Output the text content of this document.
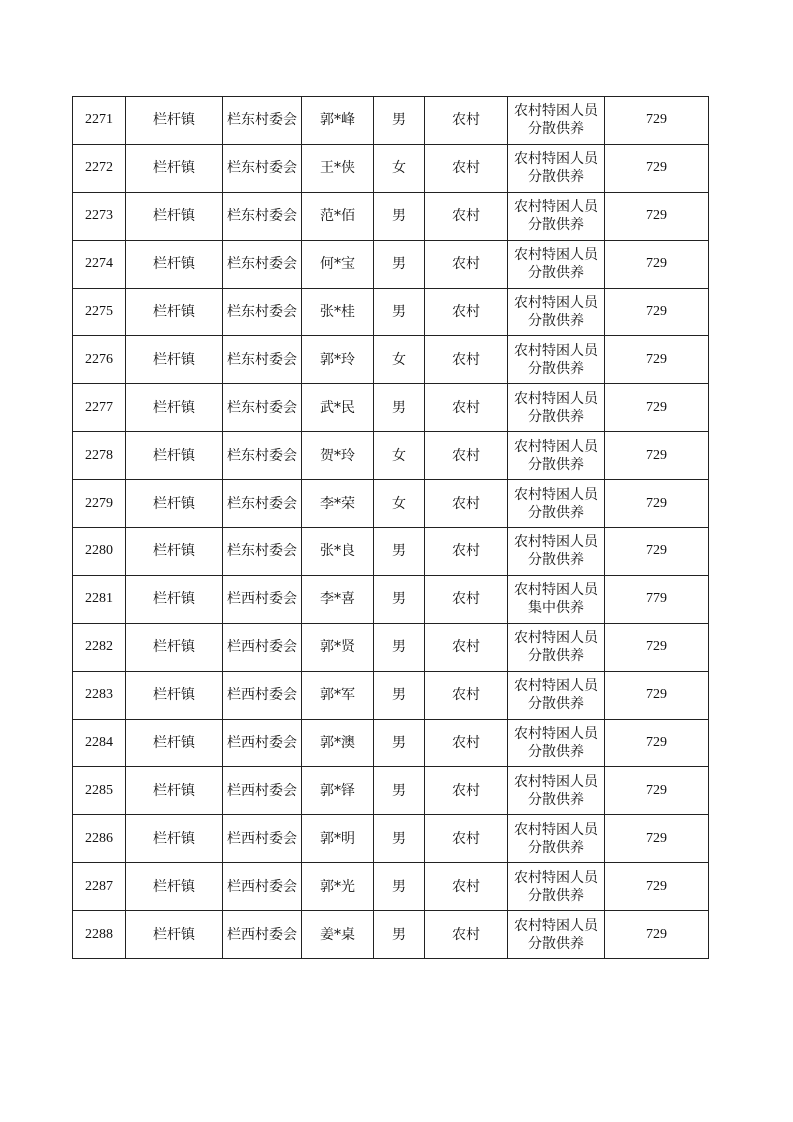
2271	栏杆镇	栏东村委会	郭*峰	男	农村	农村特困人员分散供养	729
2272	栏杆镇	栏东村委会	王*侠	女	农村	农村特困人员分散供养	729
2273	栏杆镇	栏东村委会	范*佰	男	农村	农村特困人员分散供养	729
2274	栏杆镇	栏东村委会	何*宝	男	农村	农村特困人员分散供养	729
2275	栏杆镇	栏东村委会	张*桂	男	农村	农村特困人员分散供养	729
2276	栏杆镇	栏东村委会	郭*玲	女	农村	农村特困人员分散供养	729
2277	栏杆镇	栏东村委会	武*民	男	农村	农村特困人员分散供养	729
2278	栏杆镇	栏东村委会	贺*玲	女	农村	农村特困人员分散供养	729
2279	栏杆镇	栏东村委会	李*荣	女	农村	农村特困人员分散供养	729
2280	栏杆镇	栏东村委会	张*良	男	农村	农村特困人员分散供养	729
2281	栏杆镇	栏西村委会	李*喜	男	农村	农村特困人员集中供养	779
2282	栏杆镇	栏西村委会	郭*贤	男	农村	农村特困人员分散供养	729
2283	栏杆镇	栏西村委会	郭*军	男	农村	农村特困人员分散供养	729
2284	栏杆镇	栏西村委会	郭*澳	男	农村	农村特困人员分散供养	729
2285	栏杆镇	栏西村委会	郭*铎	男	农村	农村特困人员分散供养	729
2286	栏杆镇	栏西村委会	郭*明	男	农村	农村特困人员分散供养	729
2287	栏杆镇	栏西村委会	郭*光	男	农村	农村特困人员分散供养	729
2288	栏杆镇	栏西村委会	姜*桌	男	农村	农村特困人员分散供养	729
